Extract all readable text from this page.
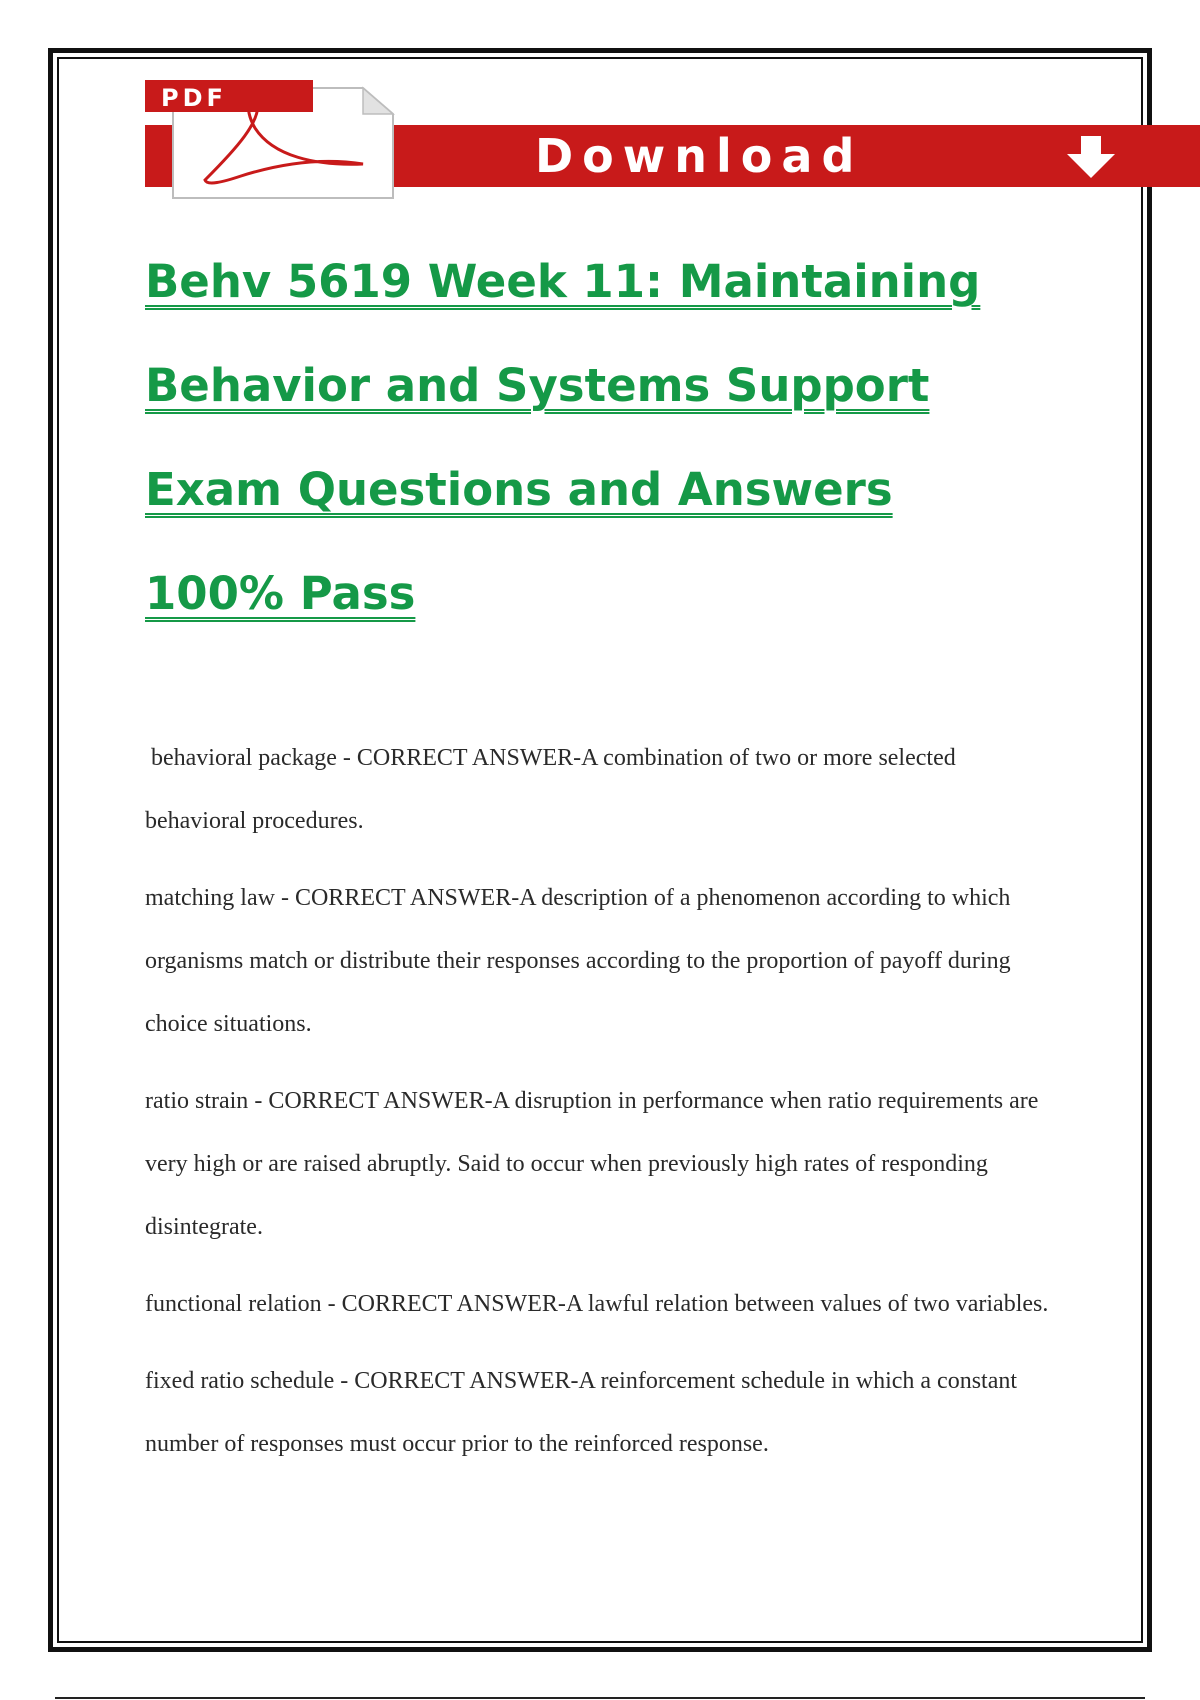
Download
PDF
Behv 5619 Week 11: Maintaining
Behavior and Systems Support
Exam Questions and Answers
100% Pass
behavioral package - CORRECT ANSWER-A combination of two or more selected behavioral procedures.
matching law - CORRECT ANSWER-A description of a phenomenon according to which organisms match or distribute their responses according to the proportion of payoff during choice situations.
ratio strain - CORRECT ANSWER-A disruption in performance when ratio requirements are very high or are raised abruptly. Said to occur when previously high rates of responding disintegrate.
functional relation - CORRECT ANSWER-A lawful relation between values of two variables.
fixed ratio schedule - CORRECT ANSWER-A reinforcement schedule in which a constant number of responses must occur prior to the reinforced response.
